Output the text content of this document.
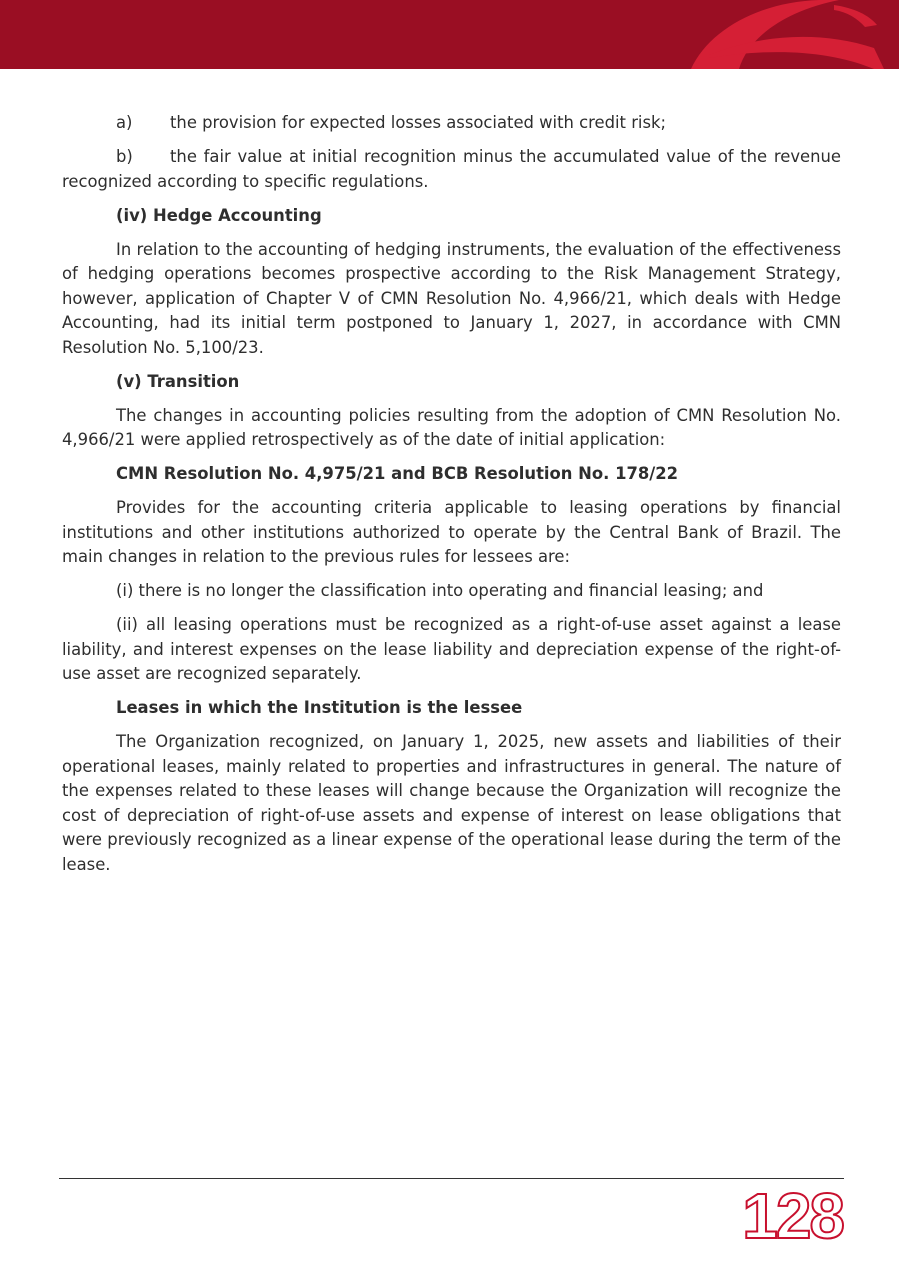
a) the provision for expected losses associated with credit risk;

b) the fair value at initial recognition minus the accumulated value of the revenue recognized according to specific regulations.

(iv) Hedge Accounting

In relation to the accounting of hedging instruments, the evaluation of the effectiveness of hedging operations becomes prospective according to the Risk Management Strategy, however, application of Chapter V of CMN Resolution No. 4,966/21, which deals with Hedge Accounting, had its initial term postponed to January 1, 2027, in accordance with CMN Resolution No. 5,100/23.

(v) Transition

The changes in accounting policies resulting from the adoption of CMN Resolution No. 4,966/21 were applied retrospectively as of the date of initial application:

CMN Resolution No. 4,975/21 and BCB Resolution No. 178/22

Provides for the accounting criteria applicable to leasing operations by financial institutions and other institutions authorized to operate by the Central Bank of Brazil. The main changes in relation to the previous rules for lessees are:

(i) there is no longer the classification into operating and financial leasing; and

(ii) all leasing operations must be recognized as a right-of-use asset against a lease liability, and interest expenses on the lease liability and depreciation expense of the right-of-use asset are recognized separately.

Leases in which the Institution is the lessee

The Organization recognized, on January 1, 2025, new assets and liabilities of their operational leases, mainly related to properties and infrastructures in general. The nature of the expenses related to these leases will change because the Organization will recognize the cost of depreciation of right-of-use assets and expense of interest on lease obligations that were previously recognized as a linear expense of the operational lease during the term of the lease.

128
